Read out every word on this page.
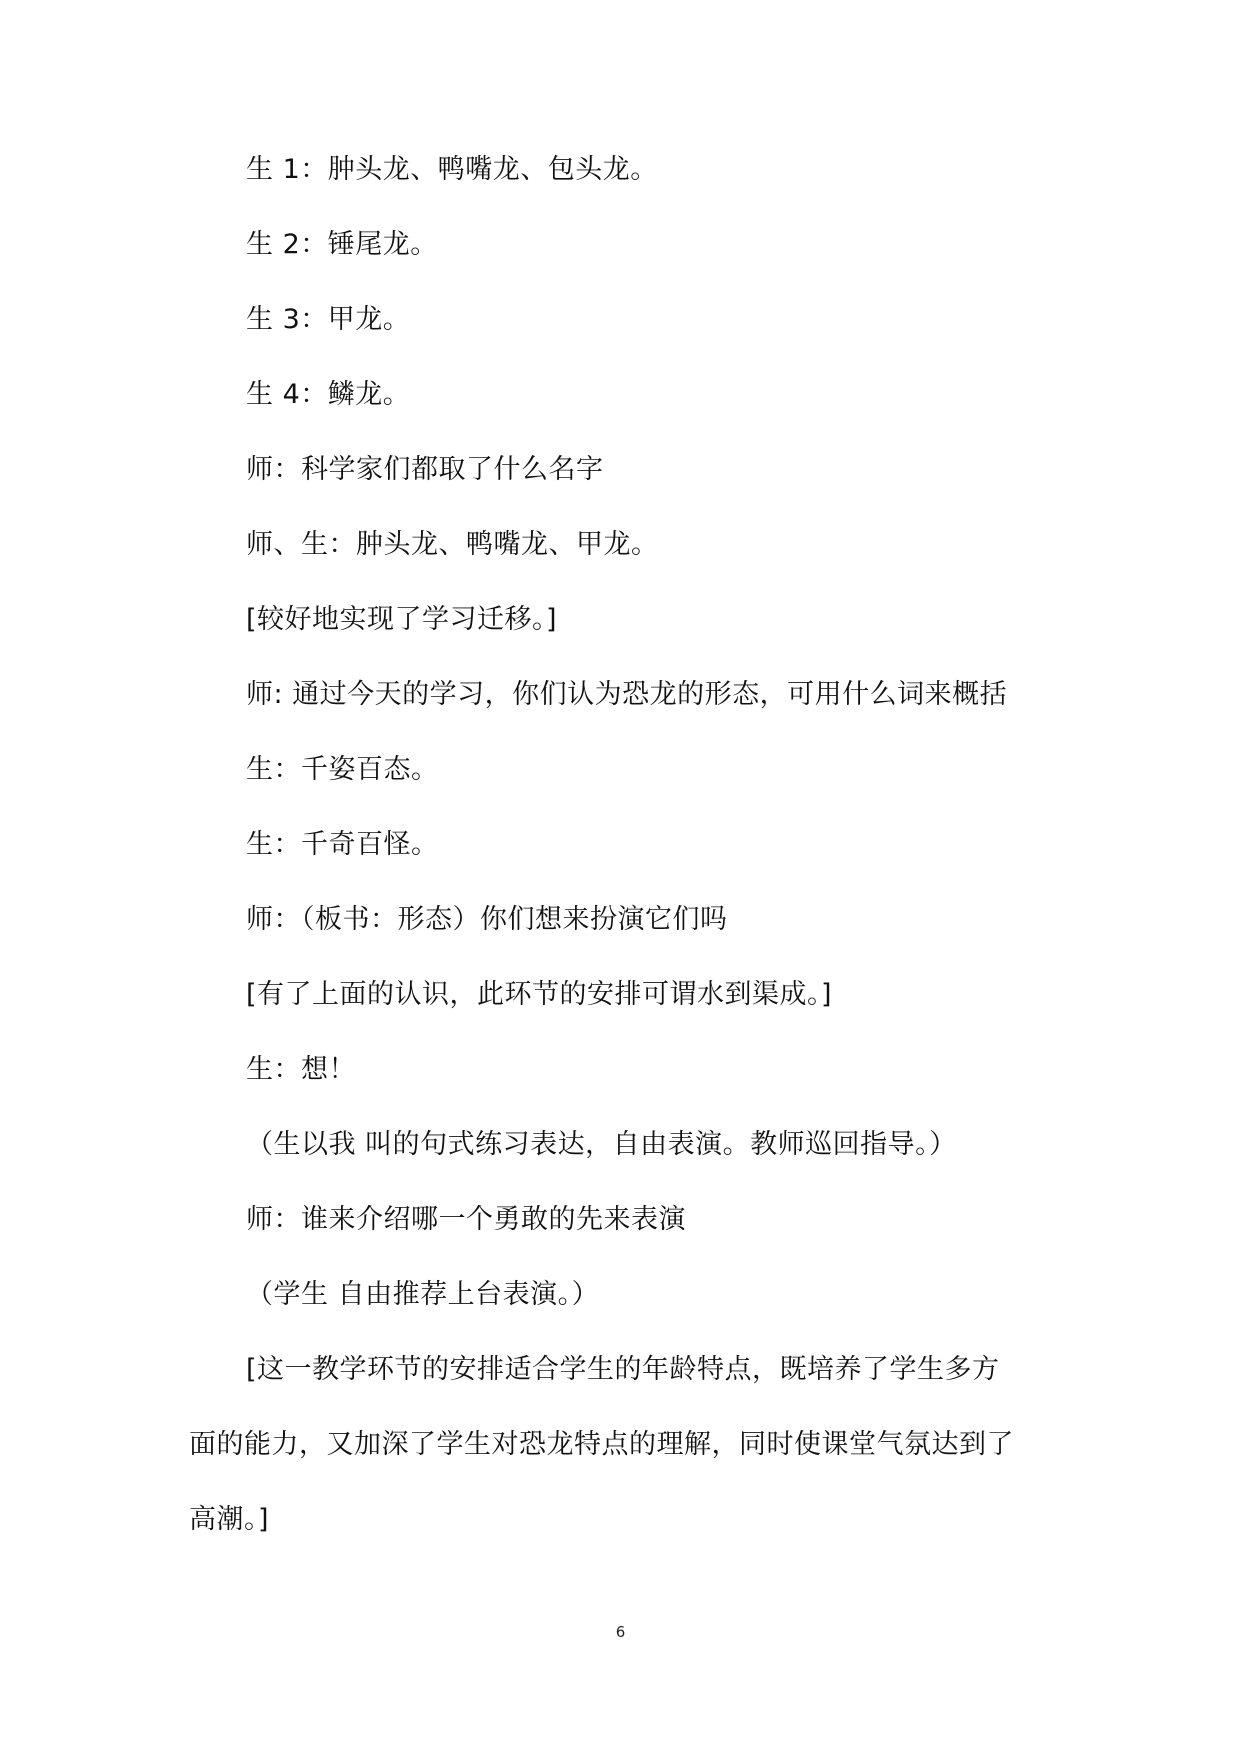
生 1：肿头龙、鸭嘴龙、包头龙。
生 2：锤尾龙。
生 3：甲龙。
生 4：鳞龙。
师：科学家们都取了什么名字
师、生：肿头龙、鸭嘴龙、甲龙。
[较好地实现了学习迁移。]
师: 通过今天的学习，你们认为恐龙的形态，可用什么词来概括
生：千姿百态。
生：千奇百怪。
师：（板书：形态）你们想来扮演它们吗
[有了上面的认识，此环节的安排可谓水到渠成。]
生：想！
（生以我 叫的句式练习表达，自由表演。教师巡回指导。）
师：谁来介绍哪一个勇敢的先来表演
（学生 自由推荐上台表演。）
[这一教学环节的安排适合学生的年龄特点，既培养了学生多方
面的能力，又加深了学生对恐龙特点的理解，同时使课堂气氛达到了
高潮。]
6
